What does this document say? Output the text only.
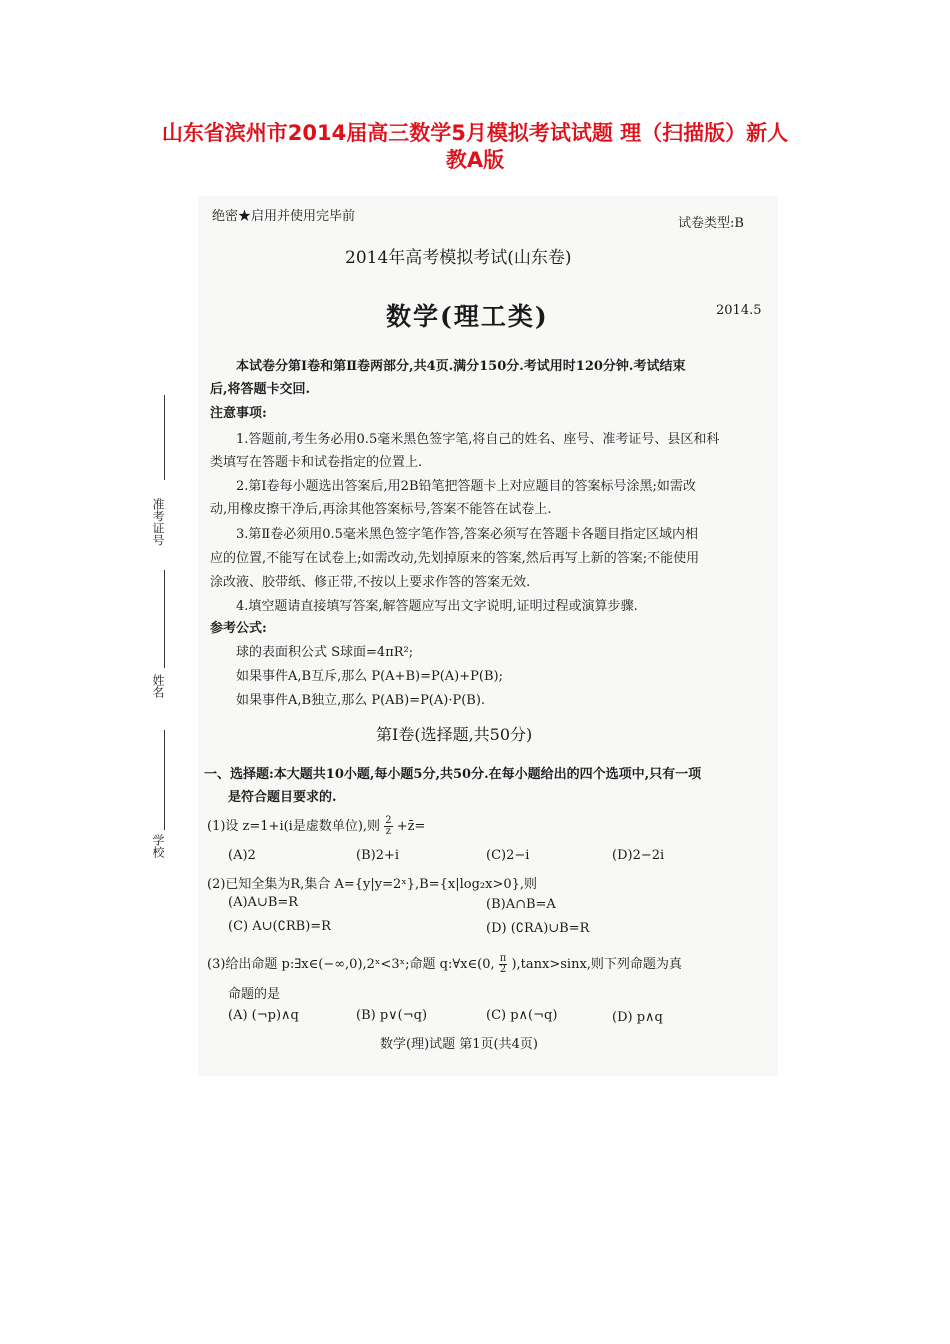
山东省滨州市2014届高三数学5月模拟考试试题 理（扫描版）新人
教A版
绝密★启用并使用完毕前	试卷类型:B
2014年高考模拟考试(山东卷)
数学(理工类)	2014.5
准考证号
姓名
学校
本试卷分第Ⅰ卷和第Ⅱ卷两部分,共4页.满分150分.考试用时120分钟.考试结束
后,将答题卡交回.
注意事项:
1.答题前,考生务必用0.5毫米黑色签字笔,将自己的姓名、座号、准考证号、县区和科
类填写在答题卡和试卷指定的位置上.
2.第Ⅰ卷每小题选出答案后,用2B铅笔把答题卡上对应题目的答案标号涂黑;如需改
动,用橡皮擦干净后,再涂其他答案标号,答案不能答在试卷上.
3.第Ⅱ卷必须用0.5毫米黑色签字笔作答,答案必须写在答题卡各题目指定区域内相
应的位置,不能写在试卷上;如需改动,先划掉原来的答案,然后再写上新的答案;不能使用
涂改液、胶带纸、修正带,不按以上要求作答的答案无效.
4.填空题请直接填写答案,解答题应写出文字说明,证明过程或演算步骤.
参考公式:
球的表面积公式 S球面=4πR²;
如果事件A,B互斥,那么 P(A+B)=P(A)+P(B);
如果事件A,B独立,那么 P(AB)=P(A)·P(B).
第Ⅰ卷(选择题,共50分)
一、选择题:本大题共10小题,每小题5分,共50分.在每小题给出的四个选项中,只有一项
是符合题目要求的.
(1)设 z=1+i(i是虚数单位),则 $\frac{2}{z}$ +z̄=
(A)2	(B)2+i	(C)2−i	(D)2−2i
(2)已知全集为R,集合 A={y|y=2ˣ},B={x|log₂x>0},则
(A)A∪B=R	(B)A∩B=A
(C) A∪(∁RB)=R	(D) (∁RA)∪B=R
(3)给出命题 p:∃x∈(−∞,0),2ˣ<3ˣ;命题 q:∀x∈(0, $\frac{\pi}{2} ),\tan x>\sin x$,则下列命题为真
命题的是
(A) (¬p)∧q	(B) p∨(¬q)	(C) p∧(¬q)	(D) p∧q
数学(理)试题 第1页(共4页)
